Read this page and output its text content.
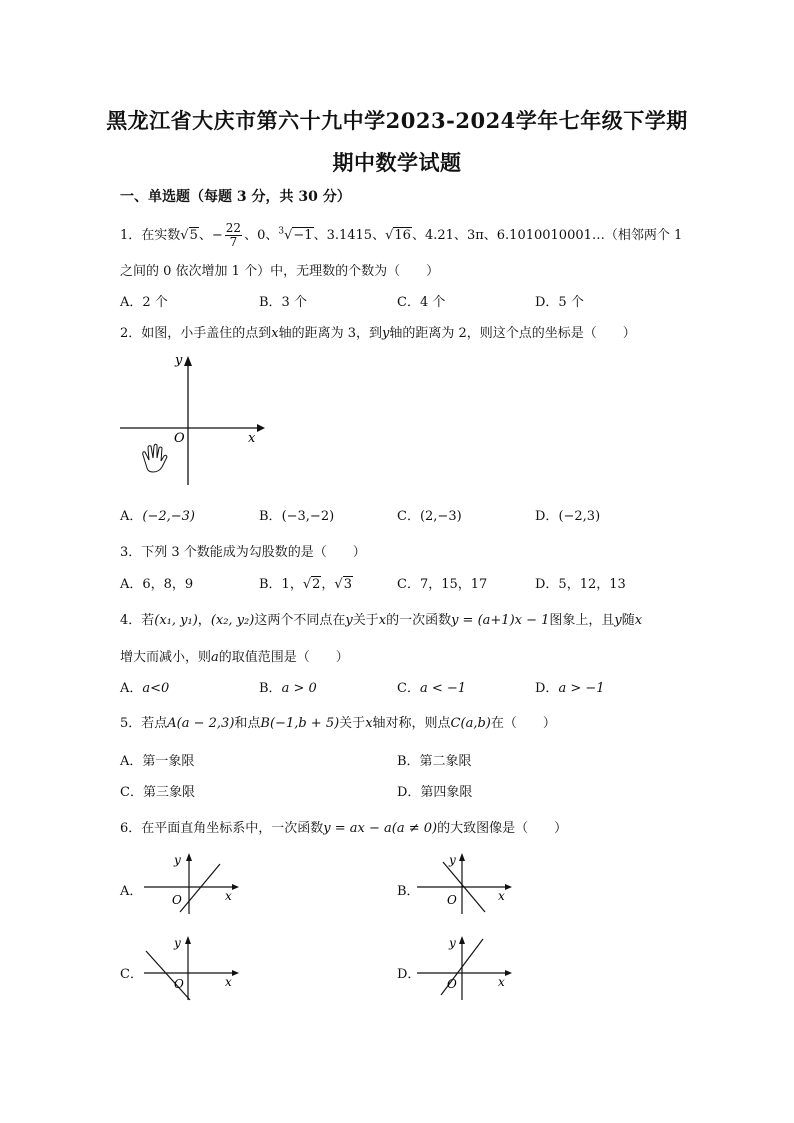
黑龙江省大庆市第六十九中学2023-2024学年七年级下学期
期中数学试题
一、单选题（每题 3 分，共 30 分）
1．在实数√5、− $\frac{22}{7}$ 、0、$^3$√−1、3.1415、√16、4.21、3π、6.1010010001…（相邻两个 1
之间的 0 依次增加 1 个）中，无理数的个数为（　　）
A．2 个	B．3 个	C．4 个	D．5 个
2．如图，小手盖住的点到x轴的距离为 3，到y轴的距离为 2，则这个点的坐标是（　　）
x
y
O
A．(−2,−3)	B．(−3,−2)	C．(2,−3)	D．(−2,3)
3．下列 3 个数能成为勾股数的是（　　）
A．6，8，9	B．1，√2，√3	C．7，15，17	D．5，12，13
4．若(x₁, y₁)，(x₂, y₂)这两个不同点在y关于x的一次函数y = (a+1)x − 1图象上，且y随x
增大而减小，则a的取值范围是（　　）
A．a<0	B．a > 0	C．a < −1	D．a > −1
5．若点A(a − 2,3)和点B(−1,b + 5)关于x轴对称，则点C(a,b)在（　　）
A．第一象限	B．第二象限
C．第三象限	D．第四象限
6．在平面直角坐标系中，一次函数y = ax − a(a ≠ 0)的大致图像是（　　）
A．	x
y
O
B．	x
y
O
C．	x
y
O
D．	x
y
O
